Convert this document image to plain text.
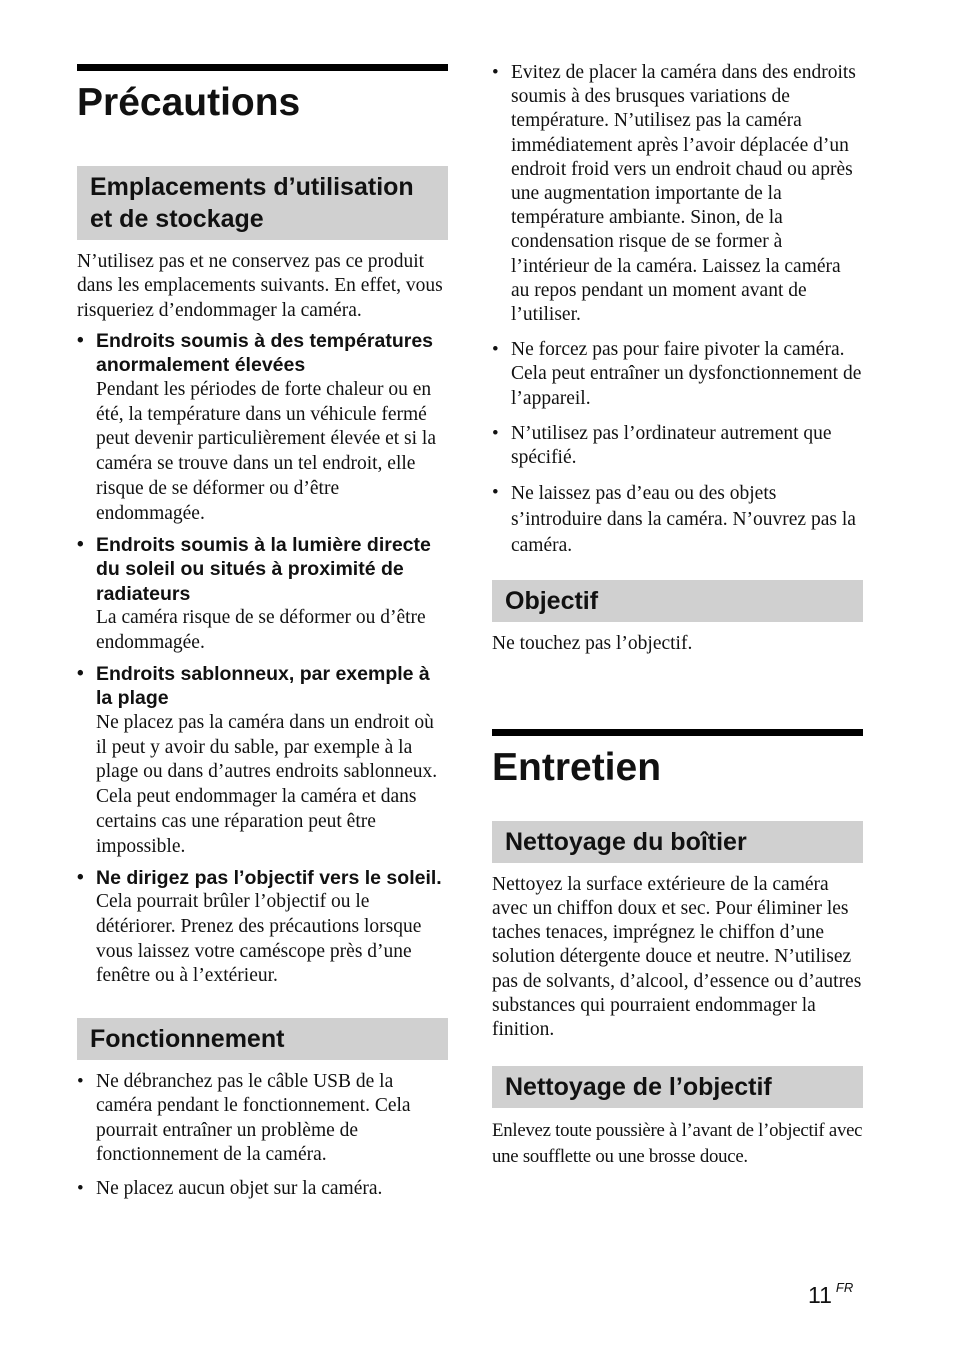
Précautions
Emplacements d’utilisation
et de stockage

N’utilisez pas et ne conservez pas ce produit dans les emplacements suivants. En effet, vous risqueriez d’endommager la caméra.

• Endroits soumis à des températures anormalement élevées
Pendant les périodes de forte chaleur ou en été, la température dans un véhicule fermé peut devenir particulièrement élevée et si la caméra se trouve dans un tel endroit, elle risque de se déformer ou d’être endommagée.
• Endroits soumis à la lumière directe du soleil ou situés à proximité de radiateurs
La caméra risque de se déformer ou d’être endommagée.
• Endroits sablonneux, par exemple à la plage
Ne placez pas la caméra dans un endroit où il peut y avoir du sable, par exemple à la plage ou dans d’autres endroits sablonneux. Cela peut endommager la caméra et dans certains cas une réparation peut être impossible.
• Ne dirigez pas l’objectif vers le soleil.
Cela pourrait brûler l’objectif ou le détériorer. Prenez des précautions lorsque vous laissez votre caméscope près d’une fenêtre ou à l’extérieur.
Fonctionnement
• Ne débranchez pas le câble USB de la caméra pendant le fonctionnement. Cela pourrait entraîner un problème de fonctionnement de la caméra.
• Ne placez aucun objet sur la caméra.
• Evitez de placer la caméra dans des endroits soumis à des brusques variations de température. N’utilisez pas la caméra immédiatement après l’avoir déplacée d’un endroit froid vers un endroit chaud ou après une augmentation importante de la température ambiante. Sinon, de la condensation risque de se former à l’intérieur de la caméra. Laissez la caméra au repos pendant un moment avant de l’utiliser.
• Ne forcez pas pour faire pivoter la caméra. Cela peut entraîner un dysfonctionnement de l’appareil.
• N’utilisez pas l’ordinateur autrement que spécifié.
• Ne laissez pas d’eau ou des objets s’introduire dans la caméra. N’ouvrez pas la caméra.
Objectif

Ne touchez pas l’objectif.

Entretien
Nettoyage du boîtier

Nettoyez la surface extérieure de la caméra avec un chiffon doux et sec. Pour éliminer les taches tenaces, imprégnez le chiffon d’une solution détergente douce et neutre. N’utilisez pas de solvants, d’alcool, d’essence ou d’autres substances qui pourraient endommager la finition.

Nettoyage de l’objectif

Enlevez toute poussière à l’avant de l’objectif avec une soufflette ou une brosse douce.

11 $^{FR}$
